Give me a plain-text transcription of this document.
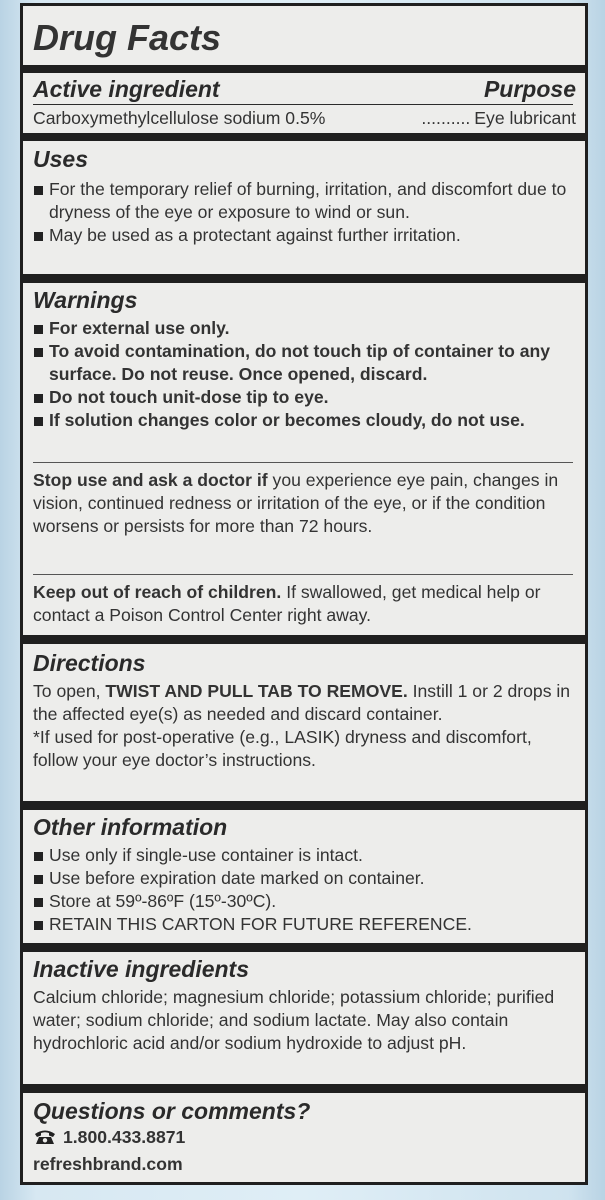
Drug Facts
Active ingredient	Purpose
Carboxymethylcellulose sodium 0.5%	.......... Eye lubricant
Uses
For the temporary relief of burning, irritation, and discomfort due to dryness of the eye or exposure to wind or sun.
May be used as a protectant against further irritation.
Warnings
For external use only.
To avoid contamination, do not touch tip of container to any surface. Do not reuse. Once opened, discard.
Do not touch unit-dose tip to eye.
If solution changes color or becomes cloudy, do not use.
Stop use and ask a doctor if you experience eye pain, changes in vision, continued redness or irritation of the eye, or if the condition worsens or persists for more than 72 hours.
Keep out of reach of children. If swallowed, get medical help or contact a Poison Control Center right away.
Directions
To open, TWIST AND PULL TAB TO REMOVE. Instill 1 or 2 drops in the affected eye(s) as needed and discard container.
*If used for post-operative (e.g., LASIK) dryness and discomfort, follow your eye doctor’s instructions.
Other information
Use only if single-use container is intact.
Use before expiration date marked on container.
Store at 59º-86ºF (15º-30ºC).
RETAIN THIS CARTON FOR FUTURE REFERENCE.
Inactive ingredients
Calcium chloride; magnesium chloride; potassium chloride; purified water; sodium chloride; and sodium lactate. May also contain hydrochloric acid and/or sodium hydroxide to adjust pH.
Questions or comments?
1.800.433.8871
refreshbrand.com
